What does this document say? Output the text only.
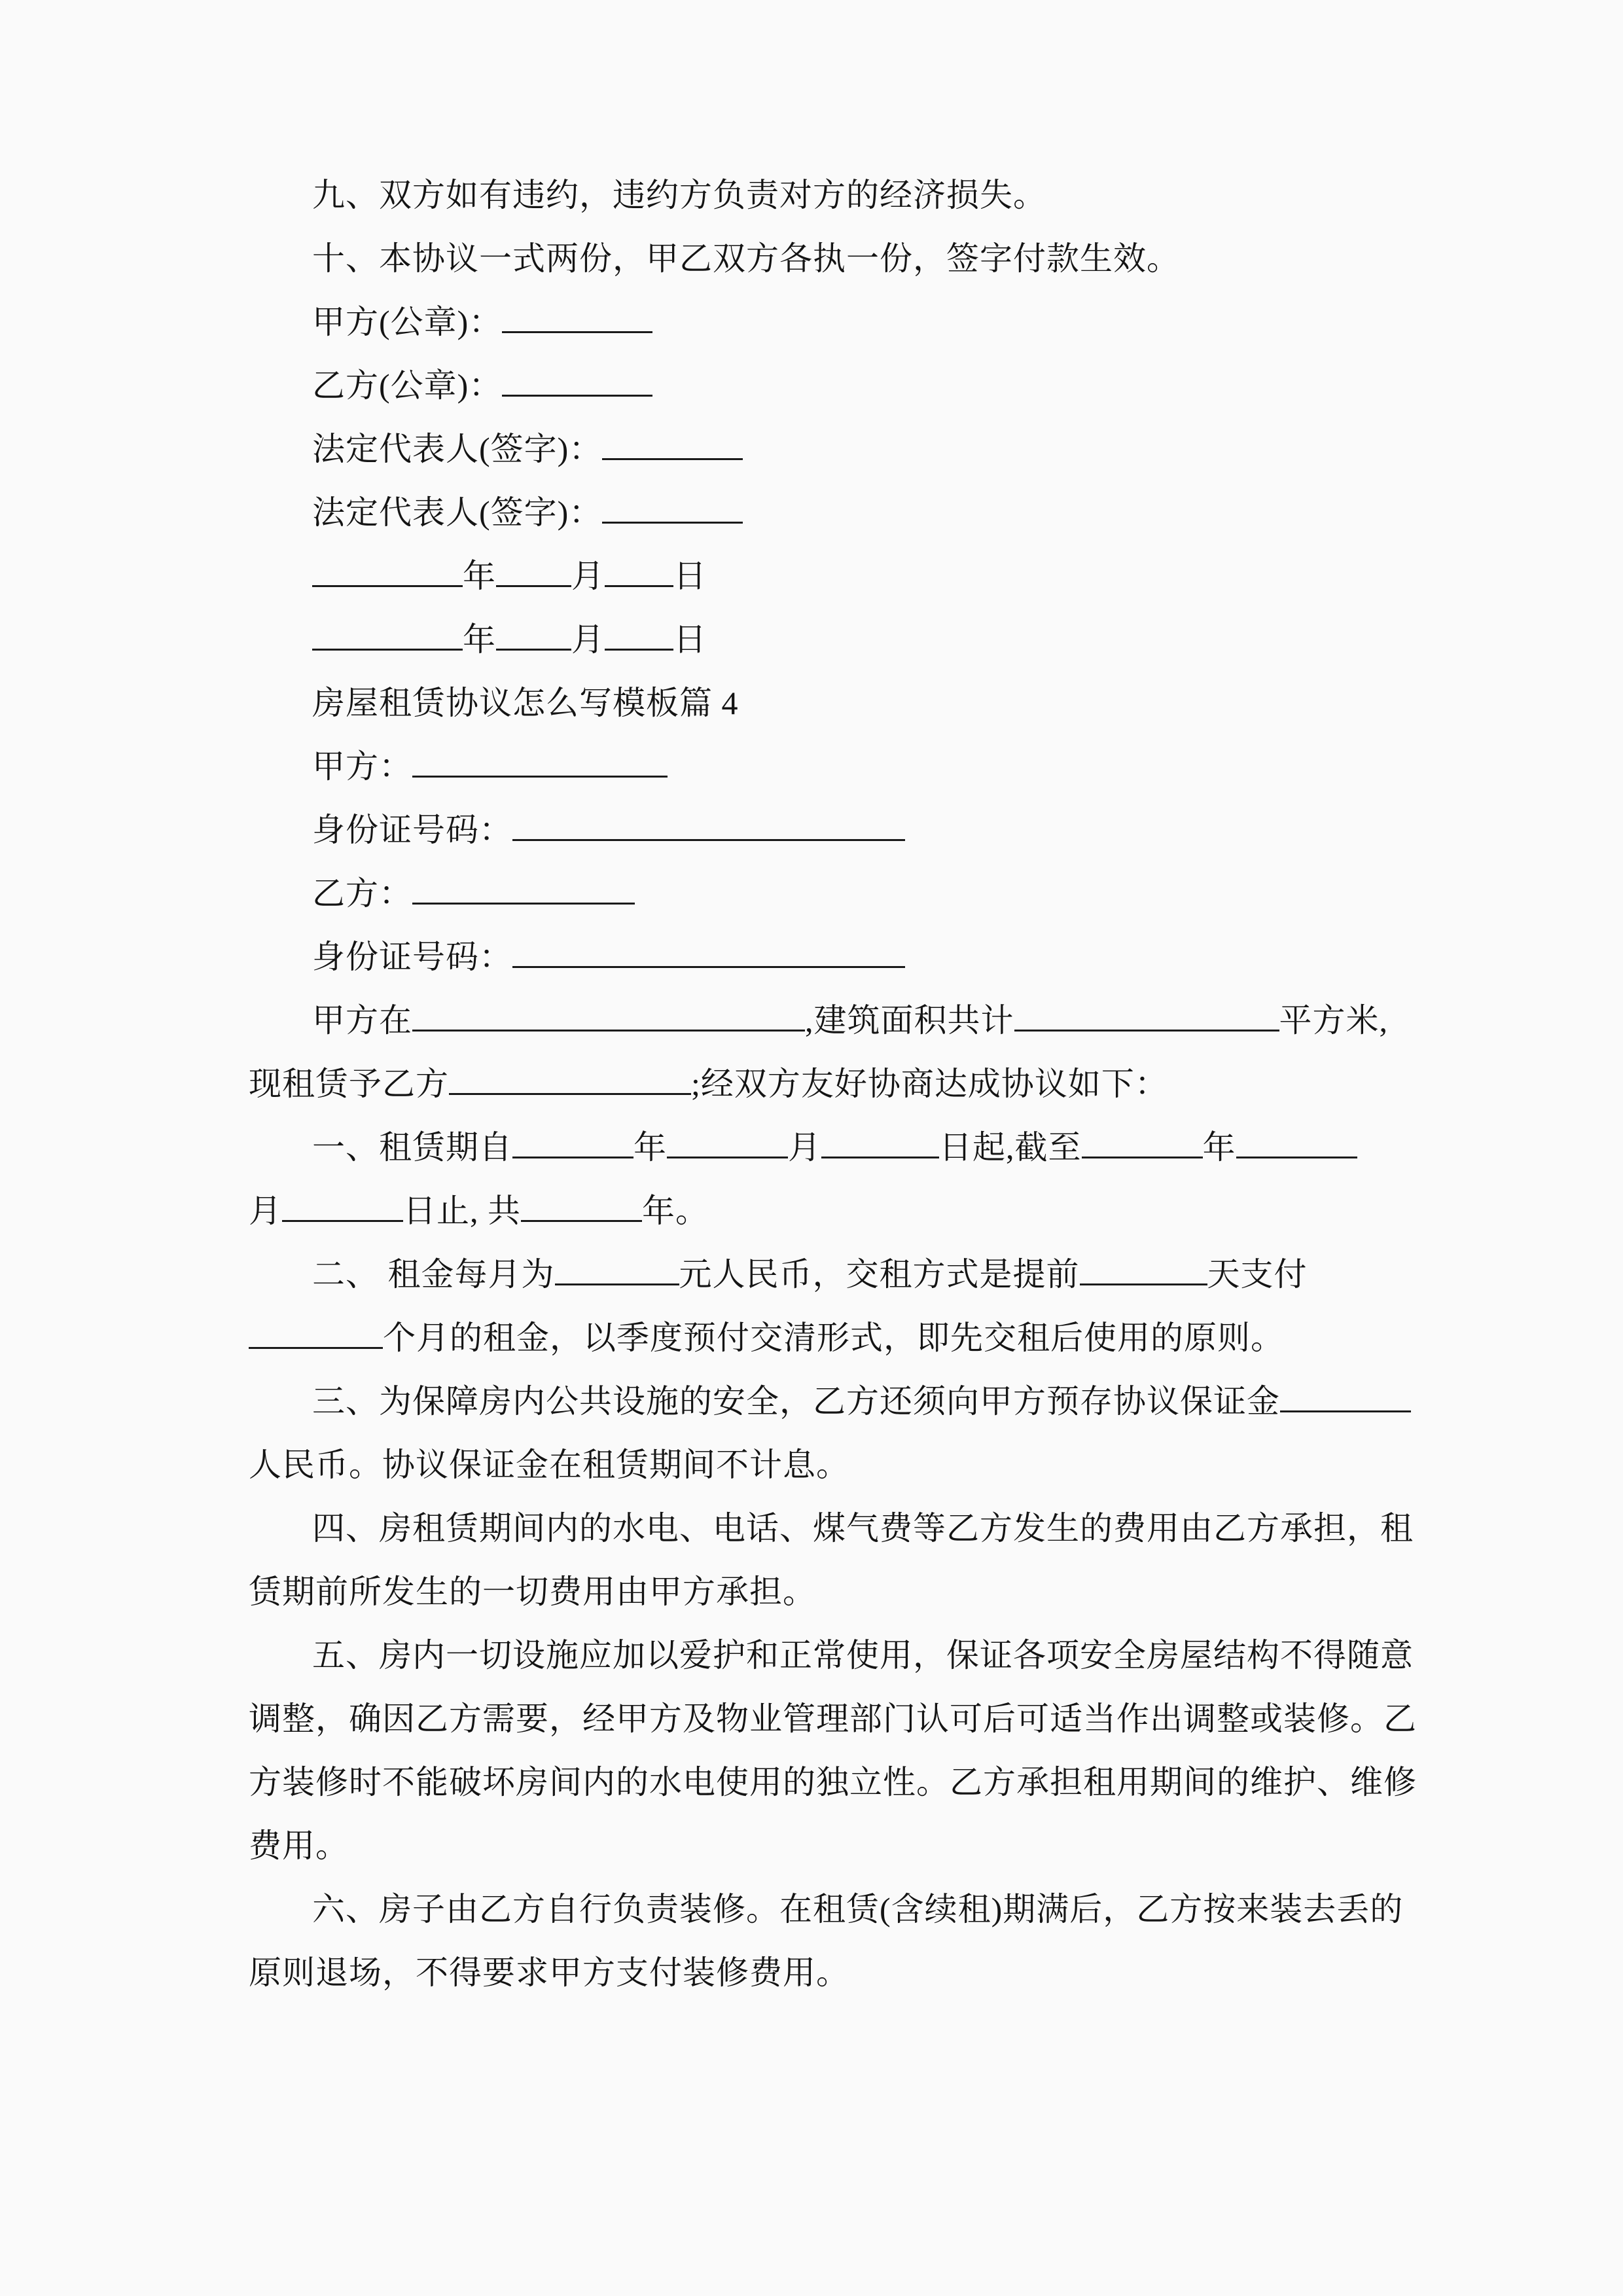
九、双方如有违约，违约方负责对方的经济损失。
十、本协议一式两份，甲乙双方各执一份，签字付款生效。
甲方(公章)：
乙方(公章)：
法定代表人(签字)：
法定代表人(签字)：
年 月 日
年 月 日
房屋租赁协议怎么写模板篇 4
甲方：
身份证号码：
乙方：
身份证号码：
甲方在	,建筑面积共计	平方米,
现租赁予乙方	;经双方友好协商达成协议如下：
一、租赁期自	年	月	日起,截至	年
月	日止, 共	年。
二、 租金每月为	元人民币，交租方式是提前	天支付
个月的租金，以季度预付交清形式，即先交租后使用的原则。
三、为保障房内公共设施的安全，乙方还须向甲方预存协议保证金
人民币。协议保证金在租赁期间不计息。
四、房租赁期间内的水电、电话、煤气费等乙方发生的费用由乙方承担，租
赁期前所发生的一切费用由甲方承担。
五、房内一切设施应加以爱护和正常使用，保证各项安全房屋结构不得随意
调整，确因乙方需要，经甲方及物业管理部门认可后可适当作出调整或装修。乙
方装修时不能破坏房间内的水电使用的独立性。乙方承担租用期间的维护、维修
费用。
六、房子由乙方自行负责装修。在租赁(含续租)期满后，乙方按来装去丢的
原则退场，不得要求甲方支付装修费用。
